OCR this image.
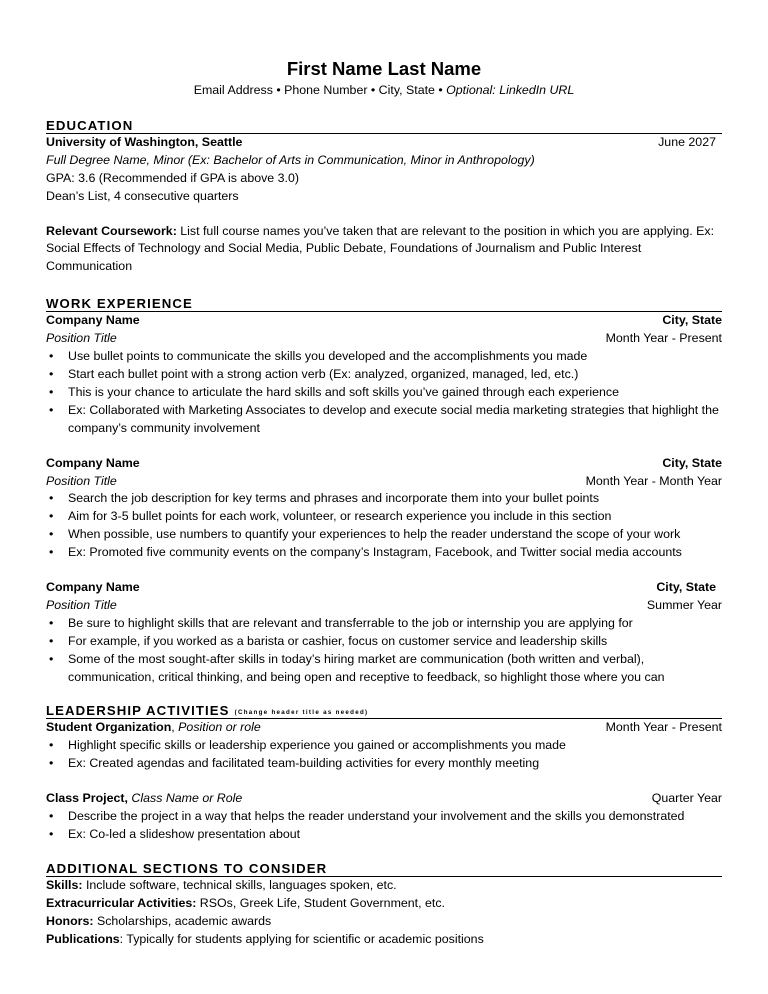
First Name Last Name
Email Address • Phone Number • City, State • Optional: LinkedIn URL
EDUCATION
University of Washington, Seattle	June 2027
Full Degree Name, Minor (Ex: Bachelor of Arts in Communication, Minor in Anthropology)
GPA: 3.6 (Recommended if GPA is above 3.0)
Dean’s List, 4 consecutive quarters
Relevant Coursework: List full course names you’ve taken that are relevant to the position in which you are applying. Ex: Social Effects of Technology and Social Media, Public Debate, Foundations of Journalism and Public Interest Communication
WORK EXPERIENCE
Company Name	City, State
Position Title	Month Year - Present
• Use bullet points to communicate the skills you developed and the accomplishments you made
• Start each bullet point with a strong action verb (Ex: analyzed, organized, managed, led, etc.)
• This is your chance to articulate the hard skills and soft skills you’ve gained through each experience
• Ex: Collaborated with Marketing Associates to develop and execute social media marketing strategies that highlight the company’s community involvement
Company Name	City, State
Position Title	Month Year - Month Year
• Search the job description for key terms and phrases and incorporate them into your bullet points
• Aim for 3-5 bullet points for each work, volunteer, or research experience you include in this section
• When possible, use numbers to quantify your experiences to help the reader understand the scope of your work
• Ex: Promoted five community events on the company’s Instagram, Facebook, and Twitter social media accounts
Company Name	City, State
Position Title	Summer Year
• Be sure to highlight skills that are relevant and transferrable to the job or internship you are applying for
• For example, if you worked as a barista or cashier, focus on customer service and leadership skills
• Some of the most sought-after skills in today’s hiring market are communication (both written and verbal), communication, critical thinking, and being open and receptive to feedback, so highlight those where you can
LEADERSHIP ACTIVITIES (Change header title as needed)
Student Organization, Position or role	Month Year - Present
• Highlight specific skills or leadership experience you gained or accomplishments you made
• Ex: Created agendas and facilitated team-building activities for every monthly meeting
Class Project, Class Name or Role	Quarter Year
• Describe the project in a way that helps the reader understand your involvement and the skills you demonstrated
• Ex: Co-led a slideshow presentation about
ADDITIONAL SECTIONS TO CONSIDER
Skills: Include software, technical skills, languages spoken, etc.
Extracurricular Activities: RSOs, Greek Life, Student Government, etc.
Honors: Scholarships, academic awards
Publications: Typically for students applying for scientific or academic positions
